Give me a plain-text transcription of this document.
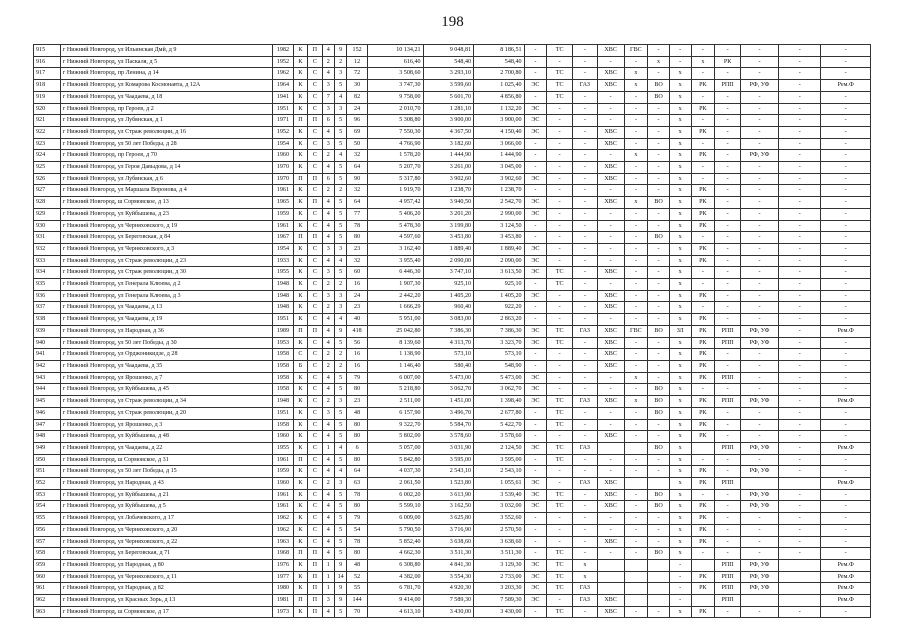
198
915	г Нижний Новгород, ул Ильинская Дмй, д 9	1982	К	П	4	9	152	10 134,21	9 048,81	8 186,51	-	ТС	-	ХВС	ГВС	-	-	-	-	-	-	-
916	г Нижний Новгород, ул Паскаля, д 5	1952	К	С	2	2	12	616,40	548,40	548,40	-	-	-	-	-	х	-	х	РК	-	-	-
917	г Нижний Новгород, пр Ленина, д 14	1962	К	С	4	3	72	3 508,60	3 293,10	2 700,80	-	ТС	-	ХВС	х	-	х	-	-	-	-	-
918	г Нижний Новгород, ул Комарова Космонавта, д 12А	1964	К	С	3	5	30	3 747,30	3 599,60	1 025,40	ЭС	ТС	ГАЗ	ХВС	х	ВО	х	РК	РПП	РФ, УФ	-	Рем.Ф
919	г Нижний Новгород, ул Чаадаева, д 18	1941	К	С	7	4	82	9 758,00	5 601,70	4 856,80	-	ТС	-	-	-	ВО	х	-	-	-	-	-
920	г Нижний Новгород, пр Героев, д 2	1951	К	С	3	3	24	2 010,70	1 281,10	1 132,20	ЭС	-	-	-	-	-	х	РК	-	-	-	-
921	г Нижний Новгород, ул Лубянская, д 1	1971	П	П	6	5	96	5 308,80	3 900,00	3 900,00	ЭС	-	-	-	-	-	х	-	-	-	-	-
922	г Нижний Новгород, ул Страж революции, д 16	1952	К	С	4	5	69	7 550,30	4 367,50	4 150,40	ЭС	-	-	ХВС	-	-	х	РК	-	-	-	-
923	г Нижний Новгород, ул 50 лет Победы, д 28	1954	К	С	3	5	50	4 766,90	3 182,60	3 066,00	-	-	-	ХВС	-	-	х	-	-	-	-	-
924	г Нижний Новгород, пр Героев, д 70	1960	К	С	2	4	32	1 578,20	1 444,90	1 444,90	-	-	-	-	х	-	х	РК	-	РФ, УФ	-	-
925	г Нижний Новгород, ул Героя Давыдова, д 14	1970	К	С	4	5	64	5 207,70	3 261,00	3 045,00	-	-	-	ХВС	-	-	х	-	-	-	-	-
926	г Нижний Новгород, ул Лубянская, д 6	1970	П	П	6	5	90	5 317,80	3 902,60	3 902,60	ЭС	-	-	ХВС	-	-	х	-	-	-	-	-
927	г Нижний Новгород, ул Маршала Воронова, д 4	1961	К	С	2	2	32	1 919,70	1 238,70	1 238,70	-	-	-	-	-	-	х	РК	-	-	-	-
928	г Нижний Новгород, ш Сормовское, д 13	1965	К	П	4	5	64	4 957,42	3 940,50	2 542,70	ЭС	-	-	ХВС	х	ВО	х	РК	-	-	-	-
929	г Нижний Новгород, ул Куйбышева, д 23	1959	К	С	4	5	77	5 406,20	3 201,20	2 990,00	ЭС	-	-	-	-	-	х	РК	-	-	-	-
930	г Нижний Новгород, ул Черняховского, д 19	1961	К	С	4	5	78	5 478,30	3 199,80	3 124,50	-	-	-	-	-	-	х	РК	-	-	-	-
931	г Нижний Новгород, ул Береговская, д 84	1967	П	П	4	5	80	4 597,60	3 453,80	3 453,80	-	-	-	-	-	ВО	х	-	-	-	-	-
932	г Нижний Новгород, ул Черняховского, д 3	1954	К	С	3	3	23	3 162,40	1 889,40	1 889,40	ЭС	-	-	-	-	-	х	РК	-	-	-	-
933	г Нижний Новгород, ул Страж революции, д 23	1933	К	С	4	4	32	3 955,40	2 090,00	2 090,00	ЭС	-	-	-	-	-	х	РК	-	-	-	-
934	г Нижний Новгород, ул Страж революции, д 30	1955	К	С	3	5	60	6 446,30	3 747,10	3 613,50	ЭС	ТС	-	ХВС	-	-	х	-	-	-	-	-
935	г Нижний Новгород, ул Генерала Клюева, д 2	1948	К	С	2	2	16	1 907,30	925,10	925,10	-	ТС	-	-	-	-	х	-	-	-	-	-
936	г Нижний Новгород, ул Генерала Клюева, д 3	1948	К	С	3	3	24	2 442,20	1 405,20	1 405,20	ЭС	-	-	ХВС	-	-	х	РК	-	-	-	-
937	г Нижний Новгород, ул Чаадаева, д 13	1948	К	С	2	3	23	1 666,29	960,40	922,20	-	-	-	ХВС	-	-	х	-	-	-	-	-
938	г Нижний Новгород, ул Чаадаева, д 19	1951	К	С	4	4	40	5 951,00	3 083,00	2 863,20	-	-	-	-	-	-	х	РК	-	-	-	-
939	г Нижний Новгород, ул Народная, д 36	1989	П	П	4	9	418	25 042,80	7 386,30	7 386,30	ЭС	ТС	ГАЗ	ХВС	ГВС	ВО	ЗЛ	РК	РПП	РФ, УФ	-	Рем.Ф
940	г Нижний Новгород, ул 50 лет Победы, д 30	1953	К	С	4	5	56	8 139,60	4 313,70	3 323,70	ЭС	ТС	-	ХВС	-	-	х	РК	РПП	РФ, УФ	-	-
941	г Нижний Новгород, ул Орджоникидзе, д 28	1958	С	С	2	2	16	1 138,90	573,10	573,10	-	-	-	ХВС	-	-	х	РК	-	-	-	-
942	г Нижний Новгород, ул Чаадаева, д 35	1958	Б	С	2	2	16	1 146,40	580,40	548,90	-	-	-	ХВС	-	-	х	РК	-	-	-	-
943	г Нижний Новгород, ул Ярошенко, д 7	1958	К	С	4	5	79	6 007,00	5 473,00	5 473,00	ЭС	-	-	-	х	-	х	РК	РПП	-	-	-
944	г Нижний Новгород, ул Куйбышева, д 45	1958	К	С	4	5	80	5 218,80	3 062,70	3 062,70	ЭС	-	-	-	-	ВО	х	-	-	-	-	-
945	г Нижний Новгород, ул Страж революции, д 34	1948	К	С	2	3	23	2 511,00	1 451,00	1 398,40	ЭС	ТС	ГАЗ	ХВС	х	ВО	х	РК	РПП	РФ, УФ	-	Рем.Ф
946	г Нижний Новгород, ул Страж революции, д 20	1951	К	С	3	5	48	6 157,90	3 496,70	2 677,80	-	ТС	-	-	-	ВО	х	РК	-	-	-	-
947	г Нижний Новгород, ул Ярошенко, д 3	1958	К	С	4	5	80	9 322,70	5 584,70	5 422,70	-	ТС	-	-	-	-	х	РК	-	-	-	-
948	г Нижний Новгород, ул Куйбышева, д 48	1960	К	С	4	5	80	5 802,00	3 578,60	3 578,60	-	-	-	ХВС	-	-	х	РК	-	-	-	-
949	г Нижний Новгород, ул Чаадаева, д 22	1955	К	С	1	4	6	5 057,00	3 031,90	2 124,50	ЭС	ТС	ГАЗ			ВО	х		РПП	РФ, УФ	-	Рем.Ф
950	г Нижний Новгород, ш Сормовское, д 31	1961	П	С	4	5	80	5 842,80	3 595,00	3 595,00	-	ТС	-	-	-	-	х	-	-	-	-	-
951	г Нижний Новгород, ул 50 лет Победы, д 15	1959	К	С	4	4	64	4 037,30	2 543,10	2 543,10	-	-	-	-	-	-	х	РК	-	РФ, УФ	-	-
952	г Нижний Новгород, ул Народная, д 43	1960	К	С	2	3	63	2 061,50	1 523,80	1 055,61	ЭС	-	ГАЗ	ХВС			х	РК	РПП			Рем.Ф
953	г Нижний Новгород, ул Куйбышева, д 21	1961	К	С	4	5	78	6 002,20	3 613,90	3 539,40	ЭС	ТС	-	ХВС	-	ВО	х	-	-	РФ, УФ	-	-
954	г Нижний Новгород, ул Куйбышева, д 5	1961	К	С	4	5	80	5 599,10	3 162,50	3 032,00	ЭС	ТС	-	ХВС	-	ВО	х	РК	-	РФ, УФ	-	-
955	г Нижний Новгород, ул Лобачевского, д 17	1962	К	С	4	5	79	6 009,00	3 625,80	3 552,60	-	-	-	-	-	-	х	РК	-	-	-	-
956	г Нижний Новгород, ул Черняховского, д 20	1962	К	С	4	5	54	5 790,50	3 716,90	2 570,50	-	-	-	-	-	-	х	РК	-	-	-	-
957	г Нижний Новгород, ул Черняховского, д 22	1963	К	С	4	5	78	5 852,40	3 638,60	3 638,60	-	-	-	ХВС	-	-	х	РК	-	-	-	-
958	г Нижний Новгород, ул Береговская, д 71	1968	П	П	4	5	80	4 662,30	3 511,30	3 511,30	-	ТС	-	-	-	ВО	х	-	-	-	-	-
959	г Нижний Новгород, ул Народная, д 80	1976	К	П	1	9	48	6 308,80	4 841,30	3 129,30	ЭС	ТС	х				-		РПП	РФ, УФ		Рем.Ф
960	г Нижний Новгород, ул Черняховского, д 11	1977	К	П	1	14	52	4 382,00	3 554,30	2 733,00	ЭС	ТС	х				-	РК	РПП	РФ, УФ		Рем.Ф
961	г Нижний Новгород, ул Народная, д 82	1980	К	П	1	9	55	6 781,70	4 920,30	3 203,30	ЭС	ТС	ГАЗ				-	РК	РПП	РФ, УФ		Рем.Ф
962	г Нижний Новгород, ул Красных Зорь, д 13	1981	П	П	3	9	144	9 414,00	7 589,30	7 589,30	ЭС	-	ГАЗ	ХВС			-		РПП			Рем.Ф
963	г Нижний Новгород, ш Сормовское, д 17	1973	К	П	4	5	70	4 613,10	3 430,00	3 430,00	-	ТС	-	ХВС	-	-	х	РК	-	-	-	-
